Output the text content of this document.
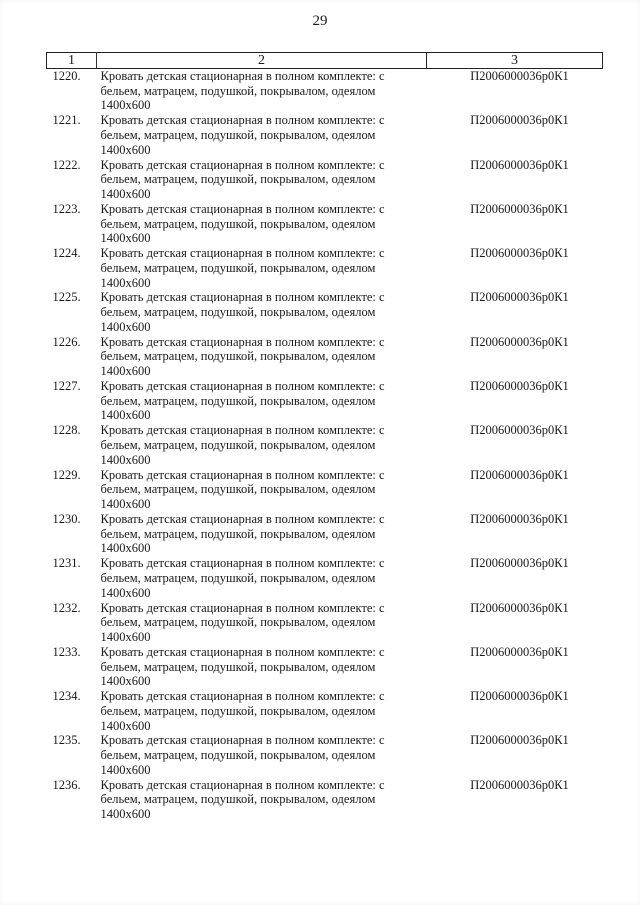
29
1	2	3
1220.	Кровать детская стационарная в полном комплекте: с бельем, матрацем, подушкой, покрывалом, одеялом 1400x600	П2006000036р0К1
1221.	Кровать детская стационарная в полном комплекте: с бельем, матрацем, подушкой, покрывалом, одеялом 1400x600	П2006000036р0К1
1222.	Кровать детская стационарная в полном комплекте: с бельем, матрацем, подушкой, покрывалом, одеялом 1400x600	П2006000036р0К1
1223.	Кровать детская стационарная в полном комплекте: с бельем, матрацем, подушкой, покрывалом, одеялом 1400x600	П2006000036р0К1
1224.	Кровать детская стационарная в полном комплекте: с бельем, матрацем, подушкой, покрывалом, одеялом 1400x600	П2006000036р0К1
1225.	Кровать детская стационарная в полном комплекте: с бельем, матрацем, подушкой, покрывалом, одеялом 1400x600	П2006000036р0К1
1226.	Кровать детская стационарная в полном комплекте: с бельем, матрацем, подушкой, покрывалом, одеялом 1400x600	П2006000036р0К1
1227.	Кровать детская стационарная в полном комплекте: с бельем, матрацем, подушкой, покрывалом, одеялом 1400x600	П2006000036р0К1
1228.	Кровать детская стационарная в полном комплекте: с бельем, матрацем, подушкой, покрывалом, одеялом 1400x600	П2006000036р0К1
1229.	Кровать детская стационарная в полном комплекте: с бельем, матрацем, подушкой, покрывалом, одеялом 1400x600	П2006000036р0К1
1230.	Кровать детская стационарная в полном комплекте: с бельем, матрацем, подушкой, покрывалом, одеялом 1400x600	П2006000036р0К1
1231.	Кровать детская стационарная в полном комплекте: с бельем, матрацем, подушкой, покрывалом, одеялом 1400x600	П2006000036р0К1
1232.	Кровать детская стационарная в полном комплекте: с бельем, матрацем, подушкой, покрывалом, одеялом 1400x600	П2006000036р0К1
1233.	Кровать детская стационарная в полном комплекте: с бельем, матрацем, подушкой, покрывалом, одеялом 1400x600	П2006000036р0К1
1234.	Кровать детская стационарная в полном комплекте: с бельем, матрацем, подушкой, покрывалом, одеялом 1400x600	П2006000036р0К1
1235.	Кровать детская стационарная в полном комплекте: с бельем, матрацем, подушкой, покрывалом, одеялом 1400x600	П2006000036р0К1
1236.	Кровать детская стационарная в полном комплекте: с бельем, матрацем, подушкой, покрывалом, одеялом 1400x600	П2006000036р0К1
